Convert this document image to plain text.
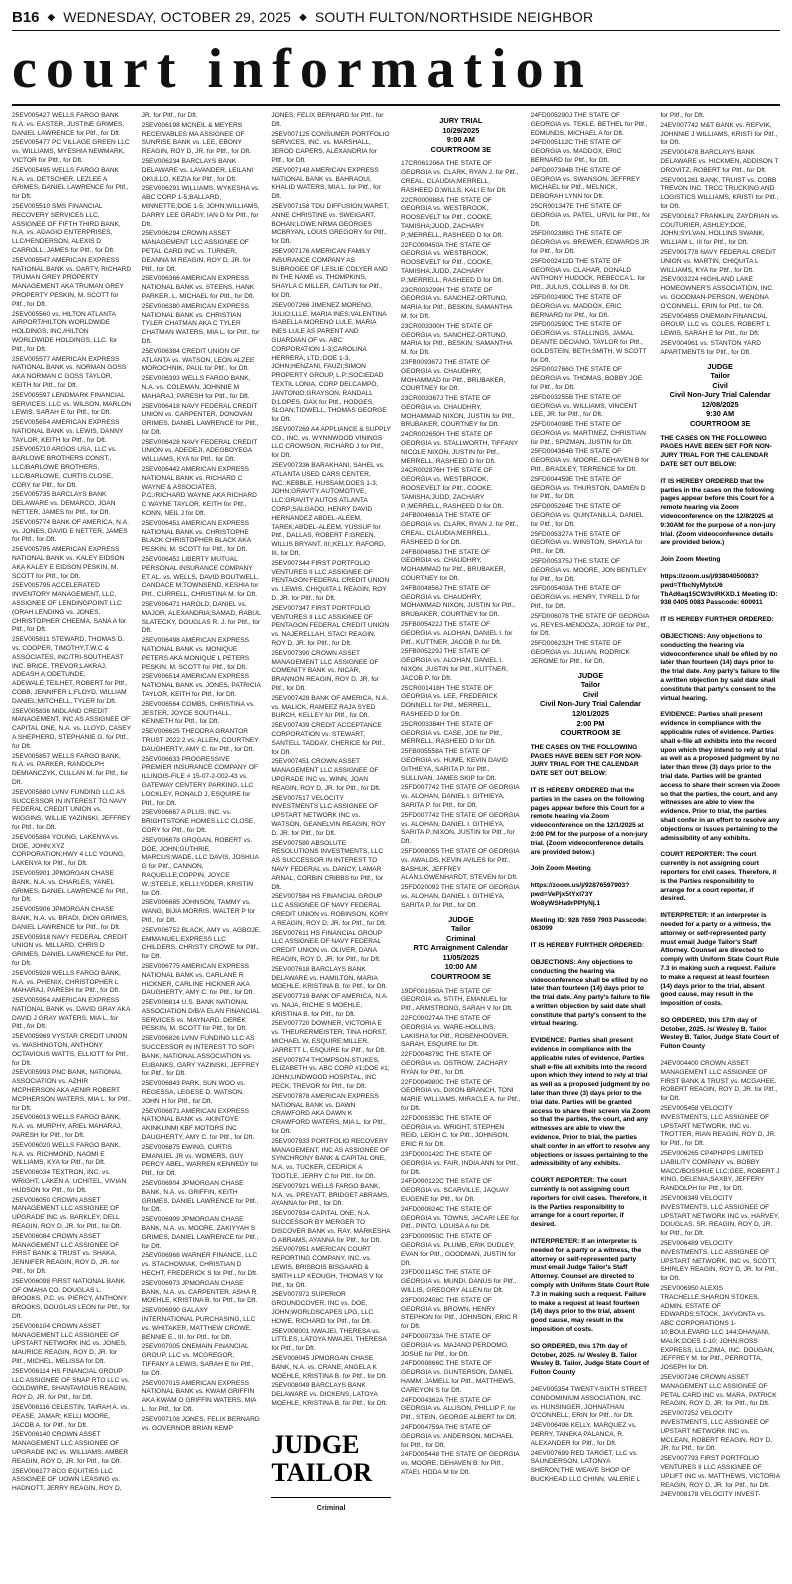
B16 ◆ WEDNESDAY, OCTOBER 29, 2025 ◆ SOUTH FULTON/NORTHSIDE NEIGHBOR
court information
25EV005427 WELLS FARGO BANK N.A. vs. EASTER, JUSTINE GRIMES, DANIEL LAWRENCE for Pltf., for Dft.
25EV005477 PC VILLAGE GREEN LLC vs. WILLIAMS, MYESHIA NEWMARK, VICTOR for Pltf., for Dft.
25EV005495 WELLS FARGO BANK N.A. vs. DETSCHER, LEZLEE A GRIMES, DANIEL LAWRENCE for Pltf., for Dft.
25EV005510 SMS FINANCIAL RECOVERY SERVICES LLC, ASSIGNEE OF FIFTH THIRD BANK, N.A. vs. ADAGIO ENTERPRISES, LLC/HENDERSON, ALEXIS D CARROLL, JAMES for Pltf., for Dft.
25EV005547 AMERICAN EXPRESS NATIONAL BANK vs. DARTY, RICHARD TRUMAN GREY PROPERTY MANAGEMENT AKA TRUMAN GREY PROPERTY PESKIN, M. SCOTT for Pltf., for Dft.
25EV005560 vs. HILTON ATLANTA AIRPORT/HILTON WORLDWIDE HOLDINGS, INC./HILTON WORLDWIDE HOLDINGS, LLC. for Pltf., for Dft.
25EV005577 AMERICAN EXPRESS NATIONAL BANK vs. NORMAN GOSS AKA NORMAN C GOSS TAYLOR, KEITH for Pltf., for Dft.
25EV005597 LENDMARK FINANCIAL SERVICES, LLC vs. WILSON, MARLON LEWIS, SARAH E for Pltf., for Dft.
25EV005654 AMERICAN EXPRESS NATIONAL BANK vs. LEWIS, DANNY TAYLOR, KEITH for Pltf., for Dft.
25EV005710 ARGOS USA, LLC vs. BARLOWE BROTHERS CONST., LLC/BARLOWE BROTHERS, LLC/BARLOWE, CURTIS CLOSE, CORY for Pltf., for Dft.
25EV005735 BARCLAYS BANK DELAWARE vs. DEMARCO, JOAN NETTER, JAMES for Pltf., for Dft.
25EV005774 BANK OF AMERICA, N.A. vs. JONES, DAVID E NETTER, JAMES for Pltf., for Dft.
25EV005785 AMERICAN EXPRESS NATIONAL BANK vs. KALEY EIDSON AKA KALEY E EIDSON PESKIN, M. SCOTT for Pltf., for Dft.
25EV005795 ACCELERATED INVENTORY MANAGEMENT, LLC, ASSIGNEE OF LENDINGPOINT LLC (ORAH LENDING vs. JONES, CHRISTOPHER CHEEMA, SANA A for Pltf., for Dft.
25EV005811 STEWARD, THOMAS D. vs. COOPER, TIMOTHY,T.W.C & ASSOCIATES, INC/TRI-SOUTHEAST INC. BRICE, TREVOR;LAKRAJ, ADEASH A;ODETUNDE, ADEWALE;TEILHET, ROBERT for Pltf., COBB, JENNIFER L;FLOYD, WILLIAM DANIEL;MITCHELL, TYLER for Dft.
25EV005836 MIDLAND CREDIT MANAGEMENT, INC AS ASSIGNEE OF CAPITAL ONE, N.A. vs. LLOYD, CASEY A SHEPHERD, STEPHANIE G. for Pltf., for Dft.
25EV005857 WELLS FARGO BANK, N.A. vs. PARKER, RANDOLPH DEMIANCZYK, CULLAN M. for Pltf., for Dft.
25EV005880 LVNV FUNDING LLC AS SUCCESSOR IN INTEREST TO NAVY FEDERAL CREDIT UNION vs. WIGGINS, WILLIE YAZINSKI, JEFFREY for Pltf., for Dft.
25EV005884 YOUNG, LAKENYA vs. DIOE, JOHN;XYZ CORPORATION;HWY 4 LLC YOUNG, LAKENYA for Pltf., for Dft.
25EV005901 JPMORGAN CHASE BANK, N.A. vs. CHARLES, YANEL GRIMES, DANIEL LAWRENCE for Pltf., for Dft.
25EV005906 JPMORGAN CHASE BANK, N.A. vs. BRADI, DION GRIMES, DANIEL LAWRENCE for Pltf., for Dft.
25EV005918 NAVY FEDERAL CREDIT UNION vs. MILLARD, CHRIS D GRIMES, DANIEL LAWRENCE for Pltf., for Dft.
25EV005928 WELLS FARGO BANK, N.A. vs. PHENIX, CHRISTOPHER L MAHARAJ, PARESH for Pltf., for Dft.
25EV005954 AMERICAN EXPRESS NATIONAL BANK vs. DAVID GRAY AKA DAVID J GRAY WATERS, MIA L. for Pltf., for Dft.
25EV005969 VYSTAR CREDIT UNION vs. WASHINGTON, ANTHONY OCTAVIOUS WATTS, ELLIOTT for Pltf., for Dft.
25EV005993 PNC BANK, NATIONAL ASSOCIATION vs. AZHIR MCPHERSON AKA AENIR ROBERT MCPHERSON WATERS, MIA L. for Pltf., for Dft.
25EV006013 WELLS FARGO BANK, N.A. vs. MURPHY, ARIEL MAHARAJ, PARESH for Pltf., for Dft.
25EV006020 WELLS FARGO BANK, N.A. vs. RICHMOND, NAOMI E WILLIAMS, KYA for Pltf., for Dft.
25EV006034 TEXTRON, INC. vs. WRIGHT, LAKEN A. UCHITEL, VIVIAN HUDSON for Pltf., for Dft.
25EV006050 CROWN ASSET MANAGEMENT LLC ASSIGNEE OF UPGRADE INC vs. BARKLEY, DELL REAGIN, ROY D, JR. for Pltf., for Dft.
25EV006084 CROWN ASSET MANAGEMENT LLC ASSIGNEE OF FIRST BANK & TRUST vs. SHAKA, JENNIFER REAGIN, ROY D, JR. for Pltf., for Dft.
25EV006098 FIRST NATIONAL BANK OF OMAHA CO. DOUGLAS L. BROOKS, P.C. vs. PIERCY, ANTHONY BROOKS, DOUGLAS LEON for Pltf., for Dft.
25EV006104 CROWN ASSET MANAGEMENT LLC ASSIGNEE OF UPSTART NETWORK INC vs. JONES, MAURICE REAGIN, ROY D, JR. for Pltf., MICHEL, MELISSA for Dft.
25EV006114 HS FINANCIAL GROUP LLC ASSIGNEE OF SNAP RTO LLC vs. GOLDWIRE, SHANTAVIOUS REAGIN, ROY D, JR. for Pltf., for Dft.
25EV006116 CELESTIN, TAIRAH A. vs. PEASE, JAMAR; KELLI MOORE, JACOB A. for Pltf., for Dft.
25EV006140 CROWN ASSET MANAGEMENT LLC ASSIGNEE OF UPGRADE INC vs. WILLIAMS, AMBER REAGIN, ROY D, JR. for Pltf., for Dft.
25EV006177 BCG EQUITIES LLC ASSIGNEE OF UOWN LEASING vs. HADNOTT, JERRY REAGIN, ROY D,
JR. for Pltf., for Dft.
25EV006198 MCNEIL & MEYERS RECEIVABLES MA ASSIGNEE OF SUNRISE BANK vs. LEE, EBONY REAGIN, ROY D, JR. for Pltf., for Dft.
25EV006234 BARCLAYS BANK DELAWARE vs. LAVANDER, LEILANI OKULLO, KEZIA for Pltf., for Dft.
25EV006291 WILLIAMS, WYKESHA vs. ABC CORP 1-5;BALLARD, MINNETTE;DOE 1-5; JOHN;WILLIAMS, DARRY LEE GRADY, IAN D for Pltf., for Dft.
25EV006294 CROWN ASSET MANAGEMENT LLC ASSIGNEE OF PETAL CARD INC vs. TURNER, DEANNA M REAGIN, ROY D, JR. for Pltf., for Dft.
25EV006366 AMERICAN EXPRESS NATIONAL BANK vs. STEENS, HANK PARKER, L. MICHAEL for Pltf., for Dft.
25EV006380 AMERICAN EXPRESS NATIONAL BANK vs. CHRISTIAN TYLER CHATMAN AKA C TYLER CHATMAN WATERS, MIA L. for Pltf., for Dft.
25EV006384 CREDIT UNION OF ATLANTA vs. WATSON, LEON ALZEE MOROCHNIK, PAUL for Pltf., for Dft.
25EV006393 WELLS FARGO BANK, N.A. vs. COLEMAN, JOHNNIE M MAHARAJ, PARESH for Pltf., for Dft.
25EV006418 NAVY FEDERAL CREDIT UNION vs. CARPENTER, DONOVAN GRIMES, DANIEL LAWRENCE for Pltf., for Dft.
25EV006428 NAVY FEDERAL CREDIT UNION vs. ADEDEJI, ADEGBOYEGA WILLIAMS, KYA for Pltf., for Dft.
25EV006442 AMERICAN EXPRESS NATIONAL BANK vs. RICHARD C WAYNE & ASSOCIATES, P.C./RICHARD WAYNE AKA RICHARD C WAYNE TAYLOR, KEITH for Pltf., KONN, NEIL J for Dft.
25EV006451 AMERICAN EXPRESS NATIONAL BANK vs. CHRISTOPHE BLACK CHRISTOPHER BLACK AKA PESKIN, M. SCOTT for Pltf., for Dft.
25EV006452 LIBERTY MUTUAL PERSONAL INSURANCE COMPANY ET AL. vs. WELLS, DAVID BOUTWELL, CANDACE M;TOWNSEND, KESHIA for Pltf., CURRELL, CHRISTINA M. for Dft.
25EV006471 HAROLD, DANIEL vs. MAJOR, ALEXANDRIA;SAMAD, RABUL SLATECKY, DOUGLAS R. J. for Pltf., for Dft.
25EV006498 AMERICAN EXPRESS NATIONAL BANK vs. MONIQUE PETERS AKA MONIQUE L PETERS PESKIN, M. SCOTT for Pltf., for Dft.
25EV006514 AMERICAN EXPRESS NATIONAL BANK vs. JONES, PATRICIA TAYLOR, KEITH for Pltf., for Dft.
25EV006564 COMBS, CHRISTINA vs. JESTER, JOYCE SOUTHALL, KENNETH for Pltf., for Dft.
25EV006625 THEODRA GRANTOR TRUST 2022 2 vs. ALLEN, COURTNEY DAUGHERTY, AMY C. for Pltf., for Dft.
25EV006633 PROGRESSIVE PREMIER INSURANCE COMPANY OF ILLINOIS-FILE # 15-07-2-002-43 vs. GATEWAY CENTERY PARKING, LLC LOCKLEY, RONALD J, ESQUIRE for Pltf., for Dft.
25EV006667 A PLUS, INC. vs. BRIGHTSTONE HOMES LLC CLOSE, CORY for Pltf., for Dft.
25EV006678 GROGAN, ROBERT vs. DOE, JOHN;GUTHRIE, MARCUS;WADE, LLC DAVIS, JOSHUA G for Pltf., CANNON, RAQUELLE;COPPIN, JOYCE W.;STEELE, KELLI;YODER, KRISTIN for Dft.
25EV006685 JOHNSON, TAMMY vs. WANG, BIJIA MORRIS, WALTER P for Pltf., for Dft.
25EV006752 BLACK, AMY vs. AGBOJE, EMMANUEL;EXPRESS LLC CHILDERS, CHRISTY CROWE for Pltf., for Dft.
25EV006775 AMERICAN EXPRESS NATIONAL BANK vs. CARLANE R HICKNER, CARLINE HICKNER AKA DAUGHERTY, AMY C. for Pltf., for Dft.
25EV006814 U.S. BANK NATIONAL ASSOCIATION D/B/A ELAN FINANCIAL SERVICES vs. MAYNARD, DEREK PESKIN, M. SCOTT for Pltf., for Dft.
25EV006826 LVNV FUNDING LLC AS SUCCESSOR IN INTEREST TO SOFI BANK, NATIONAL ASSOCIATION vs. EUBANKS, GARY YAZINSKI, JEFFREY for Pltf., for Dft.
25EV006843 PARK, SUN WOO vs. REGESSA, LEGESE D. WATSON, JOHN H for Pltf., for Dft.
25EV006871 AMERICAN EXPRESS NATIONAL BANK vs. AKINTOYE AKINKUNMI KBF MOTORS INC DAUGHERTY, AMY C. for Pltf., for Dft.
25EV006875 EWING, CURTIS EMANUEL JR vs. WOMERS, GUY PERCY ABEL, WARREN KENNEDY for Pltf., for Dft.
25EV006904 JPMORGAN CHASE BANK, N.A. vs. GRIFFIN, KEITH GRIMES, DANIEL LAWRENCE for Pltf., for Dft.
25EV006909 JPMORGAN CHASE BANK, N.A. vs. MOORE, ZAKIYYAH S GRIMES, DANIEL LAWRENCE for Pltf., for Dft.
25EV006968 WARNER FINANCE, LLC vs. STACHOWIAK, CHRISTIAN D HECHT, FREDERICK S for Pltf., for Dft.
25EV006973 JPMORGAN CHASE BANK, N.A. vs. CARPENTER, ASHA R. MOEHLE, KRISTINA B. for Pltf., for Dft.
25EV006990 GALAXY INTERNATIONAL PURCHASING, LLC vs. WHITAKER, MATTHEW CROWE, BENNIE E., III. for Pltf., for Dft.
25EV007005 ONEMAIN FINANCIAL GROUP, LLC vs. MCGREGOR, TIFFANY A LEWIS, SARAH E for Pltf., for Dft.
25EV007015 AMERICAN EXPRESS NATIONAL BANK vs. KWAM GRIFFIN AKA KWAM O GRIFFIN WATERS, MIA L. for Pltf., for Dft.
25EV007108 JONES, FELIX BERNARD vs. GOVERNOR BRIAN KEMP
JONES, FELIX BERNARD for Pltf., for Dft.
25EV007125 CONSUMER PORTFOLIO SERVICES, INC. vs. MARSHALL, JEROD CAPERS, ALEXANDRIA for Pltf., for Dft.
25EV007148 AMERICAN EXPRESS NATIONAL BANK vs. BAHRAOUI, KHALID WATERS, MIA L. for Pltf., for Dft.
25EV007158 TDU DIFFUSION;WARET, ANNE CHRISTINE vs. SWEIGART, BOHAN;LOWE;NRMA GEORGES MCBRYAN, LOUIS GREGORY for Pltf., for Dft.
25EV007176 AMERICAN FAMILY INSURANCE COMPANY AS SUBROGEE OF LESLIE COLYER AND IN THE NAME vs. THOMPKINS, SHAYLA C MILLER, CAITLIN for Pltf., for Dft.
25EV007266 JIMENEZ MORENO, JULIO;LLLE, MARIA INES;VALENTINA ISABELLA MORENO LULE, MARIA INES LULE AS PARENT AND GUARDIAN OF vs. ABC CORPORATION 1-3;CAROLINA HERRERA, LTD.;DOE 1-3, JOHN;HENZANI, FAUZI;SIMON PROPERTY GROUP, L.P.;SOCIEDAD TEXTIL LONIA, CORP DELCAMPO, JANTONIO;GRAYSON, RANDALL D;LOPES, DAX for Pltf., HODGES, SLOAN;TIDWELL, THOMAS GEORGE for Dft.
25EV007269 A4 APPLIANCE & SUPPLY CO., INC. vs. WYNNWOOD VININGS LLC CROWSON, RICHARD J for Pltf., for Dft.
25EV007336 BARAKHANI, SAHEL vs. ATLANTA USED CARS CENTER, INC.;KEBBLE, HUSSAM;DOES 1-3; JOHN;GRAVITY AUTOMOTIVE, LLC;GRAVITY AUTOS ATLANTA CORP;SALGADO, HENRY DAVID HERNANDEZ ABDEL-ALEEM, TAREK;ABDEL-ALEEM, YUSSUF for Pltf., DALLAS, ROBERT F;GREEN, WILLIS BRYANT, III;;KELLY, RAFORD, III, for Dft.
25EV007344 FIRST PORTFOLIO VENTURES II LLC ASSIGNEE OF PENTAGON FEDERAL CREDIT UNION vs. LEWIS, CHIQUITA L REAGIN, ROY D, JR. for Pltf., for Dft.
25EV007347 FIRST PORTFOLIO VENTURES II LLC ASSIGNEE OF PENTAGON FEDERAL CREDIT UNION vs. NAJERELLAH, STACI REAGIN, ROY D, JR. for Pltf., for Dft.
25EV007390 CROWN ASSET MANAGEMENT LLC ASSIGNEE OF COMENITY BANK vs. NICAR, BRANNON REAGIN, ROY D, JR. for Pltf., for Dft.
25EV007428 BANK OF AMERICA, N.A. vs. MALICK, RAMEEZ RAJA SYED BURCH, KELLEY for Pltf., for Dft.
25EV007439 CREDIT ACCEPTANCE CORPORATION vs. STEWART, SANTELL TADDAY, CHERICE for Pltf., for Dft.
25EV007451 CROWN ASSET MANAGEMENT LLC ASSIGNEE OF UPGRADE INC vs. WINN, JOAN REAGIN, ROY D, JR. for Pltf., for Dft.
25EV007517 VELOCITY INVESTMENTS LLC ASSIGNEE OF UPSTART NETWORK INC vs. WATSON, GEANELVIN REAGIN, ROY D, JR. for Pltf., for Dft.
25EV007580 ABSOLUTE RESOLUTIONS INVESTMENTS, LLC AS SUCCESSOR IN INTEREST TO NAVY FEDERAL vs. DANCY, LAMAR ARNAL, CORBIN CRIBBS for Pltf., for Dft.
25EV007584 HS FINANCIAL GROUP LLC ASSIGNEE OF NAVY FEDERAL CREDIT UNION vs. ROBINSON, KORY A REAGIN, ROY D, JR. for Pltf., for Dft.
25EV007611 HS FINANCIAL GROUP LLC ASSIGNEE OF NAVY FEDERAL CREDIT UNION vs. OLIVER, DANA REAGIN, ROY D, JR. for Pltf., for Dft.
25EV007618 BARCLAYS BANK DELAWARE vs. HAMILTON, MARIA MOEHLE, KRISTINA B. for Pltf., for Dft.
25EV007719 BANK OF AMERICA, N.A. vs. NAJA, RICHIE S MOEHLE, KRISTINA B. for Pltf., for Dft.
25EV007720 DOWNER, VICTORIA E vs. THEURERMEISTER, TINA HORST, MICHAEL W, ESQUIRE;MILLER, JARRETT L, ESQUIRE for Pltf., for Dft.
25EV007874 THOMPSON-STUKES, ELIZABETH vs. ABC CORP #1;DOE #1; JOHN;LINDWOOD HOSPITAL, INC PECK, TREVOR for Pltf., for Dft.
25EV007878 AMERICAN EXPRESS NATIONAL BANK vs. DAWN CRAWFORD AKA DAWN K CRAWFORD WATERS, MIA L. for Pltf., for Dft.
25EV007933 PORTFOLIO RECOVERY MANAGEMENT, INC AS ASSIGNEE OF SYNCHRONY BANK & CAPITAL ONE, N.A. vs. TUCKER, CEDRICK A TOOTLE, JERRY C for Pltf., for Dft.
25EV007921 WELLS FARGO BANK, N.A. vs. PREYATT, BRIDGET ABRAMS, AYANNA for Pltf., for Dft.
25EV007934 CAPITAL ONE, N.A. SUCCESSOR BY MERGER TO DISCOVER BANK vs. RAY, MARKESHA O ABRAMS, AYANNA for Pltf., for Dft.
25EV007951 AMERICAN COURT REPORTING COMPANY, INC. vs. LEWIS, BRISBOIS BISGAARD & SMITH LLP KEOUGH, THOMAS V for Pltf., for Dft.
25EV007972 SUPERIOR GROUNDCOVER, INC vs. DOE, JOHN;WORLDSCAPES LPG, LLC HOWE, RICHARD for Pltf., for Dft.
25EV008001 NWAJEI, THERESA vs. LITTLES, LATOYA NWAJEI, THERESA for Pltf., for Dft.
25EV008045 JPMORGAN CHASE BANK, N.A. vs. CRANE, ANGELA K MOEHLE, KRISTINA B. for Pltf., for Dft.
25EV008049 BARCLAYS BANK DELAWARE vs. DICKENS, LATOYA MOEHLE, KRISTINA B. for Pltf., for Dft.
JUDGE TAILOR
Criminal
JURY TRIAL
10/29/2025
9:00 AM
COURTROOM 3E
17CR061206A THE STATE OF GEORGIA vs. CLARK, RYAN J. for Pltf., CREAL, CLAUDIA;MERRELL, RASHEED D;WILLS, KALI E for Dft.
22CR000988A THE STATE OF GEORGIA vs. WESTBROOK, ROOSEVELT for Pltf., COOKE, TAMISHA;JUDD, ZACHARY P.;MERRELL, RASHEED D for Dft.
22FC000450A THE STATE OF GEORGIA vs. WESTBROOK, ROOSEVELT for Pltf., COOKE, TAMISHA;JUDD, ZACHARY P.;MERRELL, RASHEED D for Dft.
23CR003299H THE STATE OF GEORGIA vs. SANCHEZ-ORTUNO, MARIA for Pltf., BESKIN, SAMANTHA M. for Dft.
23CR003300H THE STATE OF GEORGIA vs. SANCHEZ-ORTUNO, MARIA for Pltf., BESKIN, SAMANTHA M. for Dft.
23FB009367J THE STATE OF GEORGIA vs. CHAUDHRY, MOHAMMAD for Pltf., BRUBAKER, COURTNEY for Dft.
23CR003367J THE STATE OF GEORGIA vs. CHAUDHRY, MOHAMMAD NIXON, JUSTIN for Pltf., BRUBAKER, COURTNEY for Dft.
24CR002650H THE STATE OF GEORGIA vs. STALLWORTH, TIFFANY NICOLE NIXON, JUSTIN for Pltf., MERRELL, RASHEED D for Dft.
24CR002876H THE STATE OF GEORGIA vs. WESTBROOK, ROOSEVELT for Pltf., COOKE, TAMISHA;JUDD, ZACHARY P.;MERRELL, RASHEED D for Dft.
24FB004661A THE STATE OF GEORGIA vs. CLARK, RYAN J. for Pltf., CREAL, CLAUDIA;MERRELL, RASHEED D for Dft.
24FB004856J THE STATE OF GEORGIA vs. CHAUDHRY, MOHAMMAD for Pltf., BRUBAKER, COURTNEY for Dft.
24FB004856J THE STATE OF GEORGIA vs. CHAUDHRY, MOHAMMAD NIXON, JUSTIN for Pltf., BRUBAKER, COURTNEY for Dft.
25FB005422J THE STATE OF GEORGIA vs. ALOHAN, DANIEL I. for Pltf., KUTTNER, JACOB P. for Dft.
25FB005229J THE STATE OF GEORGIA vs. ALOHAN, DANIEL I. NIXON, JUSTIN for Pltf., KUTTNER, JACOB P. for Dft.
25CR001418H THE STATE OF GEORGIA vs. LEE, FREDERICK DONNELL for Pltf., MERRELL, RASHEED D for Dft.
25CR003384H THE STATE OF GEORGIA vs. CASE, JOE for Pltf., MERRELL, RASHEED D for Dft.
25FB005558A THE STATE OF GEORGIA vs. HUME, KEVIN DAVID GITHIEYA, SARITA P. for Pltf., SULLIVAN, JAMES SKIP for Dft.
25FD007742 THE STATE OF GEORGIA vs. ALOHAN, DANIEL I. GITHIEYA, SARITA P. for Pltf., for Dft.
25FD007742 THE STATE OF GEORGIA vs. ALOHAN, DANIEL I. GITHIEYA, SARITA P.;NIXON, JUSTIN for Pltf., for Dft.
25FD008055 THE STATE OF GEORGIA vs. AWALDS, KEVIN AVILES for Pltf., BASHUK, JEFFREY ALAN;LOWENHARDT, STEVEN for Dft.
25FD020092 THE STATE OF GEORGIA vs. ALOHAN, DANIEL I. GITHIEYA, SARITA P. for Pltf., for Dft.
JUDGE
Tailor
Criminal
RTC Arraignment Calendar
11/05/2025
10:00 AM
COURTROOM 3E
19DF001650A THE STATE OF GEORGIA vs. STITH, EMANUEL for Pltf., ARMSTRONG, SARAH V for Dft.
22FC000274A THE STATE OF GEORGIA vs. WARE-HOLLINS, LAKISHA for Pltf., ROSENHOOVER, SARAH, ESQUIRE for Dft.
22FD004879C THE STATE OF GEORGIA vs. OSTROW, ZACHARY RYAN for Pltf., for Dft.
22FD004980C THE STATE OF GEORGIA vs. DIXON-BRANCH, TONI MARIE WILLIAMS, MIRACLE A. for Pltf., for Dft.
22FD005353C THE STATE OF GEORGIA vs. WRIGHT, STEPHEN REID, LEIGH C. for Pltf., JOHNSON, ERIC R for Dft.
23FD000142C THE STATE OF GEORGIA vs. FAIR, INDIA ANN for Pltf., for Dft.
24FD000122C THE STATE OF GEORGIA vs. SCARVILLE, JAQUAY EUGENE for Pltf., for Dft.
24FD000824C THE STATE OF GEORGIA vs. TOWNS, JACARI LEE for Pltf., PINTO, LOUISA A for Dft.
23FD000950C THE STATE OF GEORGIA vs. PLUMB, ERIK DUDLEY, EVAN for Pltf., GOODMAN, JUSTIN for Dft.
23FD001145C THE STATE OF GEORGIA vs. MUNDI, DANUS for Pltf., WILLIS, GREGORY ALLEN for Dft.
23FD002408C THE STATE OF GEORGIA vs. BROWN, HENRY STEPHON for Pltf., JOHNSON, ERIC R for Dft.
24FD000733A THE STATE OF GEORGIA vs. MAJANO PERDOMO, JOSUE for Pltf., for Dft.
24FD000866C THE STATE OF GEORGIA vs. GUNTERSON, DANIEL HAMM, JAMELL for Pltf., MATTHEWS, CAREYON S for Dft.
24FD004362A THE STATE OF GEORGIA vs. ALLISON, PHILLIP F. for Pltf., STEIN, GEORGE ALBERT for Dft.
24FD004759A THE STATE OF GEORGIA vs. ANDERSON, MICHAEL for Pltf., for Dft.
24FD005448 THE STATE OF GEORGIA vs. MOORE, DEHAVEN B. for Pltf., ATAEI, HODA M for Dft.
24FD005290J THE STATE OF GEORGIA vs. TEKLE, BETHEL for Pltf., EDMUNDS, MICHAEL A for Dft.
24FD005112C THE STATE OF GEORGIA vs. MADDOX, ERIC BERNARD for Pltf., for Dft.
24FD007384B THE STATE OF GEORGIA vs. SWANSON, JEFFREY MICHAEL for Pltf., MELNICK, DEBORAH LYNN for Dft.
25CR001347E THE STATE OF GEORGIA vs. PATEL, URVIL for Pltf., for Dft.
25FD002388G THE STATE OF GEORGIA vs. BREWER, EDWARDS JR for Pltf., for Dft.
25FD002412D THE STATE OF GEORGIA vs. CLAHAR, DONALD ANTHONY HUDOCK, REBECCA L. for Pltf., JULIUS, COLLINS B. for Dft.
25FD002490C THE STATE OF GEORGIA vs. MADDOX, ERIC BERNARD for Pltf., for Dft.
25FD002590C THE STATE OF GEORGIA vs. STALLINGS, JAMAL DEANTE DECIANO, TAYLOR for Pltf., GOLDSTEIN, BETH;SMITH, W SCOTT for Dft.
25FD002766G THE STATE OF GEORGIA vs. THOMAS, BOBBY JOE for Pltf., for Dft.
25FD003255B THE STATE OF GEORGIA vs. WILLIAMS, VINCENT LEE, JR. for Pltf., for Dft.
25FD004098E THE STATE OF GEORGIA vs. MARTINEZ, CHRISTIAN for Pltf., SPIZMAN, JUSTIN for Dft.
25FD004364B THE STATE OF GEORGIA vs. MOORE, DEHAVEN B for Pltf., BRADLEY, TERRENCE for Dft.
25FD004459E THE STATE OF GEORGIA vs. THURSTON, DAMIEN D for Pltf., for Dft.
25FD005284E THE STATE OF GEORGIA vs. QUINTANILLA, DANIEL for Pltf., for Dft.
25FD005327A THE STATE OF GEORGIA vs. WINSTON, SHAYLA for Pltf., for Dft.
25FD005375J THE STATE OF GEORGIA vs. MOORE, JON BENTLEY for Pltf., for Dft.
25FD005403A THE STATE OF GEORGIA vs. HENRY, TYRELL D for Pltf., for Dft.
25FD006078 THE STATE OF GEORGIA vs. REYES-MENDOZA, JORGE for Pltf., for Dft.
25FD006232H THE STATE OF GEORGIA vs. JULIAN, RODRICK JEROME for Pltf., for Dft.
JUDGE
Tailor
Civil
Civil Non-Jury Trial Calendar
12/01/2025
2:00 PM
COURTROOM 3E
THE CASES ON THE FOLLOWING PAGES HAVE BEEN SET FOR NON-JURY TRIAL FOR THE CALENDAR DATE SET OUT BELOW:
IT IS HEREBY ORDERED that the parties in the cases on the following pages appear before this Court for a remote hearing via Zoom videoconference on the 12/1/2025 at 2:00 PM for the purpose of a non-jury trial. (Zoom videoconference details are provided below.)
Join Zoom Meeting
https://zoom.us/j/92876597903?pwd=VePjx5tYxI73Y Wo8yWSHa9rPPfyNj.1
Meeting ID: 928 7659 7903 Passcode: 063099
IT IS HEREBY FURTHER ORDERED:
OBJECTIONS: Any objections to conducting the hearing via videoconference shall be efiled by no later than fourteen (14) days prior to the trial date. Any party's failure to file a written objection by said date shall constitute that party's consent to the virtual hearing.
EVIDENCE: Parties shall present evidence in compliance with the applicable rules of evidence. Parties shall e-file all exhibits into the record upon which they intend to rely at trial as well as a proposed judgment by no later than three (3) days prior to the trial date. Parties will be granted access to share their screen via Zoom so that the parties, the court, and any witnesses are able to view the evidence. Prior to trial, the parties shall confer in an effort to resolve any objections or issues pertaining to the admissibility of any exhibits.
COURT REPORTER: The court currently is not assigning court reporters for civil cases. Therefore, it is the Parties responsibility to arrange for a court reporter, if desired.
INTERPRETER: If an interpreter is needed for a party or a witness, the attorney or self-represented party must email Judge Tailor's Staff Attorney. Counsel are directed to comply with Uniform State Court Rule 7.3 in making such a request. Failure to make a request at least fourteen (14) days prior to the trial, absent good cause, may result in the imposition of costs.
SO ORDERED, this 17th day of October, 2025. /s/ Wesley B. Tailor Wesley B. Tailor, Judge State Court of Fulton County
24EV005354 TWENTY-SIXTH STREET CONDOMINIUM ASSOCIATION, INC. vs. HUNSINGER, JOHNATHAN O'CONNELL, ERIN for Pltf., for Dft.
24EV006496 KELLY, MARQUEZ vs. PERRY, TANEKA PALANCA, R. ALEXANDER for Pltf., for Dft.
24EV007699 RED TARGET, LLC vs. SAUNDERSON, LATONYA SHERON;THE WEAVE SHOP OF BUCKHEAD LLC CHINN, VALERIE L
for Pltf., for Dft.
24EV007742 M&T BANK vs. REFVIK, JOHNNIE J WILLIAMS, KRISTI for Pltf., for Dft.
25EV001478 BARCLAYS BANK DELAWARE vs. HICKMEN, ADDISON T OROVITZ, ROBERT for Pltf., for Dft.
25EV001281 BANK, TRUIST vs. COBB TREVON INC. TRCC TRUCKING AND LOGISTICS WILLIAMS, KRISTI for Pltf., for Dft.
25EV001617 FRANKLIN, ZAYDRIAN vs. COUTURIER, ASHLEY;DOE, JOHN;SYLVAN, HOLLINS SWANK, WILLIAM L, III for Pltf., for Dft.
25EV001778 NAVY FEDERAL CREDIT UNION vs. MARTIN, CHIQUITA L WILLIAMS, KYA for Pltf., for Dft.
25EV003224 HIGHLAND LAKE HOMEOWNER'S ASSOCIATION, INC. vs. GOODMAN-PERSON, WENONA O'CONNELL, ERIN for Pltf., for Dft.
25EV004855 ONEMAIN FINANCIAL GROUP, LLC vs. COLES, ROBERT L LEWIS, SARAH E for Pltf., for Dft.
25EV004961 vs. STANTON YARD APARTMENTS for Pltf., for Dft.
JUDGE
Tailor
Civil
Civil Non-Jury Trial Calendar
12/08/2025
9:30 AM
COURTROOM 3E
THE CASES ON THE FOLLOWING PAGES HAVE BEEN SET FOR NON-JURY TRIAL FOR THE CALENDAR DATE SET OUT BELOW:
IT IS HEREBY ORDERED that the parties in the cases on the following pages appear before this Court for a remote hearing via Zoom videoconference on the 12/8/2025 at 9:30AM for the purpose of a non-jury trial. (Zoom videoconference details are provided below.)
Join Zoom Meeting
https://zoom.us/j/93804050083?pwd=TfbcNyMyIxU6 TbAd6aq15CW3vlRKXD.1 Meeting ID: 938 0405 0083 Passcode: 600911
IT IS HEREBY FURTHER ORDERED:
OBJECTIONS: Any objections to conducting the hearing via videoconference shall be efiled by no later than fourteen (14) days prior to the trial date. Any party's failure to file a written objection by said date shall constitute that party's consent to the virtual hearing.
EVIDENCE: Parties shall present evidence in compliance with the applicable rules of evidence. Parties shall e-file all exhibits into the record upon which they intend to rely at trial as well as a proposed judgment by no later than three (3) days prior to the trial date. Parties will be granted access to share their screen via Zoom so that the parties, the court, and any witnesses are able to view the evidence. Prior to trial, the parties shall confer in an effort to resolve any objections or issues pertaining to the admissibility of any exhibits.
COURT REPORTER: The court currently is not assigning court reporters for civil cases. Therefore, it is the Parties responsibility to arrange for a court reporter, if desired.
INTERPRETER: If an interpreter is needed for a party or a witness, the attorney or self-represented party must email Judge Tailor's Staff Attorney. Counsel are directed to comply with Uniform State Court Rule 7.3 in making such a request. Failure to make a request at least fourteen (14) days prior to the trial, absent good cause, may result in the imposition of costs.
SO ORDERED, this 17th day of October, 2025. /s/ Wesley B. Tailor Wesley B. Tailor, Judge State Court of Fulton County
24EV004400 CROWN ASSET MANAGEMENT LLC ASSIGNEE OF FIRST BANK & TRUST vs. MCGAHEE, ROBERT REAGIN, ROY D, JR. for Pltf., for Dft.
25EV005458 VELOCITY INVESTMENTS, LLC ASSIGNEE OF UPSTART NETWORK, INC vs. TROTTER, RIAN REAGIN, ROY D, JR. for Pltf., for Dft.
25EV006265 CP4PHPPS LIMITED LIABILITY COMPANY vs. BOBBY MACC/BOSSHUE LLC;GEE, ROBERT J KING, DELENIA;SAXBY, JEFFERY RANDOLPH for Pltf., for Dft.
25EV006349 VELOCITY INVESTMENTS, LLC ASSIGNEE OF UPSTART NETWORK INC vs. HARVEY, DOUGLAS, SR. REAGIN, ROY D, JR. for Pltf., for Dft.
25EV006489 VELOCITY INVESTMENTS, LLC ASSIGNEE OF UPSTART NETWORK, INC vs. SCOTT, SHIRLEY REAGIN, ROY D, JR. for Pltf., for Dft.
25EV006950 ALEXIS TRACHELLE;SHARON STOKES, ADMIN. ESTATE OF EDWARDS;STOCK, JAYVONTA vs. ABC CORPORATIONS 1-10;BOULEVARD LLC 144;DHANANI, MALIK;DOES 1-10; JOHN;ROSS EXPRESS, LLC;ZIMA, INC. DOUGAN, JEFFREY M. for Pltf., PERROTTA, JOSEPH for Dft.
25EV007246 CROWN ASSET MANAGEMENT LLC ASSIGNEE OF PETAL CARD INC vs. MARA, PATRICK REAGIN, ROY D, JR. for Pltf., for Dft.
25EV007252 VELOCITY INVESTMENTS, LLC ASSIGNEE OF UPSTART NETWORK INC vs. MCLEAN, ROBERT REAGIN, ROY D, JR. for Pltf., for Dft.
25EV007793 FIRST PORTFOLIO VENTURES II LLC ASSIGNEE OF UPLIFT INC vs. MATTHEWS, VICTORIA REAGIN, ROY D, JR. for Pltf., for Dft.
24EV008178 VELOCITY INVEST-
